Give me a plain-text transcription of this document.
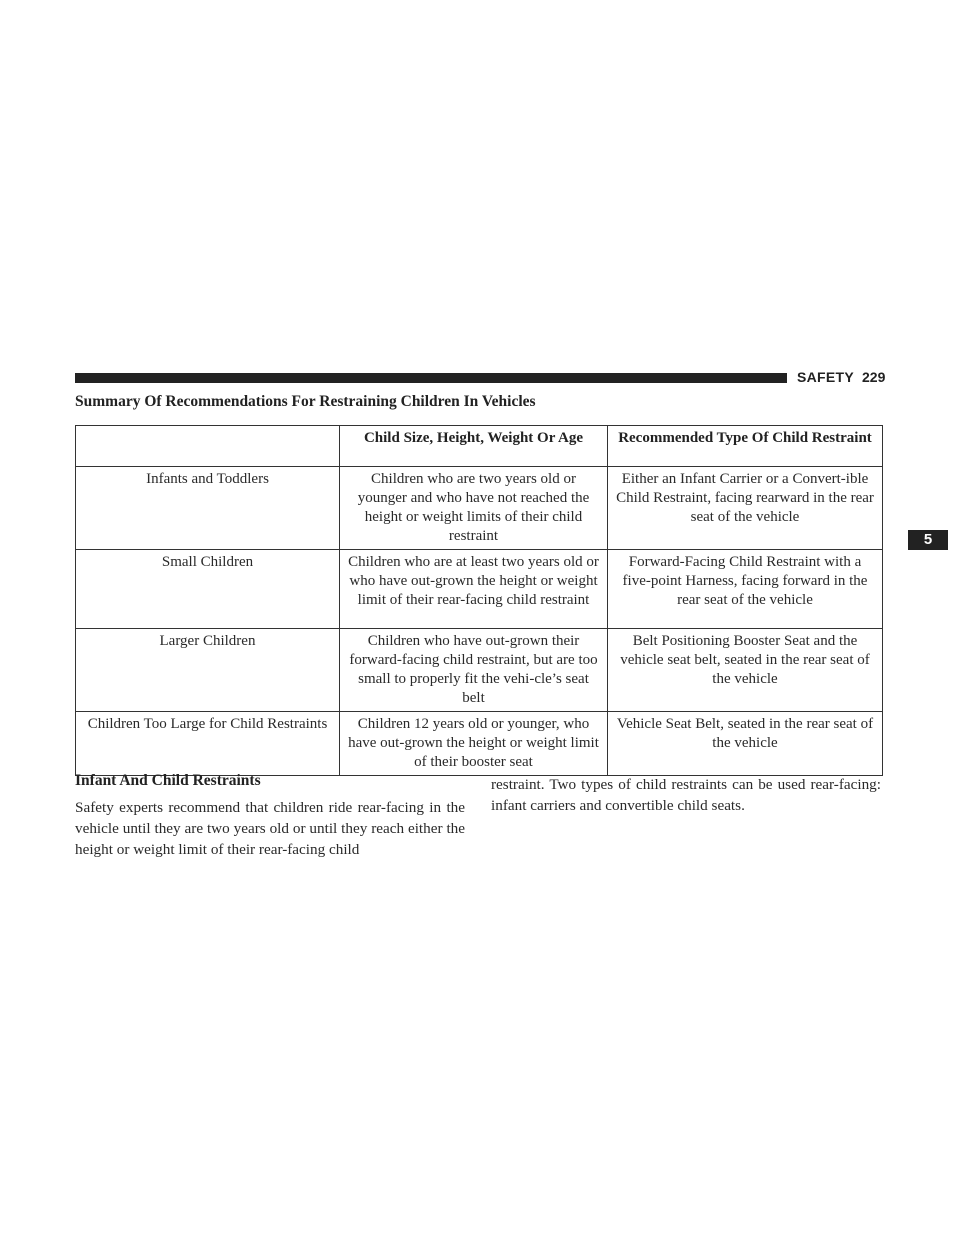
SAFETY 229
5
Summary Of Recommendations For Restraining Children In Vehicles
	Child Size, Height, Weight Or Age	Recommended Type Of Child Restraint
Infants and Toddlers	Children who are two years old or younger and who have not reached the height or weight limits of their child restraint	Either an Infant Carrier or a Convert-ible Child Restraint, facing rearward in the rear seat of the vehicle
Small Children	Children who are at least two years old or who have out-grown the height or weight limit of their rear-facing child restraint	Forward-Facing Child Restraint with a five-point Harness, facing forward in the rear seat of the vehicle
Larger Children	Children who have out-grown their forward-facing child restraint, but are too small to properly fit the vehi-cle’s seat belt	Belt Positioning Booster Seat and the vehicle seat belt, seated in the rear seat of the vehicle
Children Too Large for Child Restraints	Children 12 years old or younger, who have out-grown the height or weight limit of their booster seat	Vehicle Seat Belt, seated in the rear seat of the vehicle
Infant And Child Restraints

Safety experts recommend that children ride rear-facing in the vehicle until they are two years old or until they reach either the height or weight limit of their rear-facing child

restraint. Two types of child restraints can be used rear-facing: infant carriers and convertible child seats.
